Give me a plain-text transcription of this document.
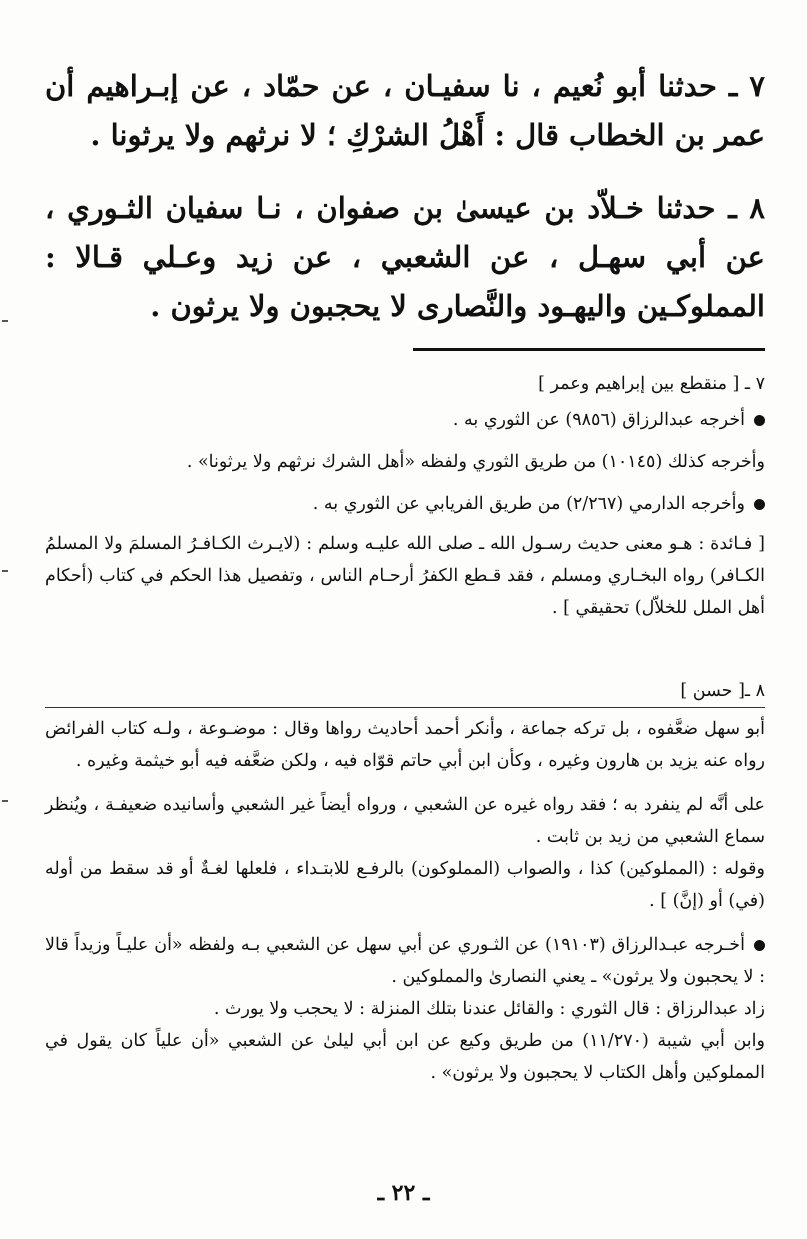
٧ ـ حدثنا أبو نُعيم ، نا سفيـان ، عن حمّاد ، عن إبـراهيم أن عمر بن الخطاب قال : أَهْلُ الشرْكِ ؛ لا نرثهم ولا يرثونا .
٨ ـ حدثنا خـلاّد بن عيسىٰ بن صفوان ، نـا سفيان الثـوري ، عن أبي سهـل ، عن الشعبي ، عن زيد وعـلي قـالا : المملوكـين واليهـود والنَّصارى لا يحجبون ولا يرثون .

٧ ـ [ منقطع بين إبراهيم وعمر ]

أخرجه عبدالرزاق (٩٨٥٦) عن الثوري به .

وأخرجه كذلك (١٠١٤٥) من طريق الثوري ولفظه «أهل الشرك نرثهم ولا يرثونا» .

وأخرجه الدارمي (٢/٢٦٧) من طريق الفريابي عن الثوري به .

[ فـائدة : هـو معنى حديث رسـول الله ـ صلى الله عليـه وسلم : (لايـرث الكـافـرُ المسلمَ ولا المسلمُ الكـافر) رواه البخـاري ومسلم ، فقد قـطع الكفرُ أرحـام الناس ، وتفصيل هذا الحكم في كتاب (أحكام أهل الملل للخلاّل) تحقيقي ] .

٨ ـ[ حسن ]

أبو سهل ضعَّفوه ، بل تركه جماعة ، وأنكر أحمد أحاديث رواها وقال : موضـوعة ، ولـه كتاب الفرائض رواه عنه يزيد بن هارون وغيره ، وكأن ابن أبي حاتم قوّاه فيه ، ولكن ضعَّفه فيه أبو خيثمة وغيره .

على أنَّه لم ينفرد به ؛ فقد رواه غيره عن الشعبي ، ورواه أيضاً غير الشعبي وأسانيده ضعيفـة ، ويُنظر سماع الشعبي من زيد بن ثابت .

وقوله : (المملوكين) كذا ، والصواب (المملوكون) بالرفـع للابتـداء ، فلعلها لغـةٌ أو قد سقط من أوله (في) أو (إنَّ) ] .

أخـرجه عبـدالرزاق (١٩١٠٣) عن الثـوري عن أبي سهل عن الشعبي بـه ولفظه «أن عليـاً وزيداً قالا : لا يحجبون ولا يرثون» ـ يعني النصارىٰ والمملوكين .

زاد عبدالرزاق : قال الثوري : والقائل عندنا بتلك المنزلة : لا يحجب ولا يورث .

وابن أبي شيبة (١١/٢٧٠) من طريق وكيع عن ابن أبي ليلىٰ عن الشعبي «أن علياً كان يقول في المملوكين وأهل الكتاب لا يحجبون ولا يرثون» .

ـ ٢٢ ـ
